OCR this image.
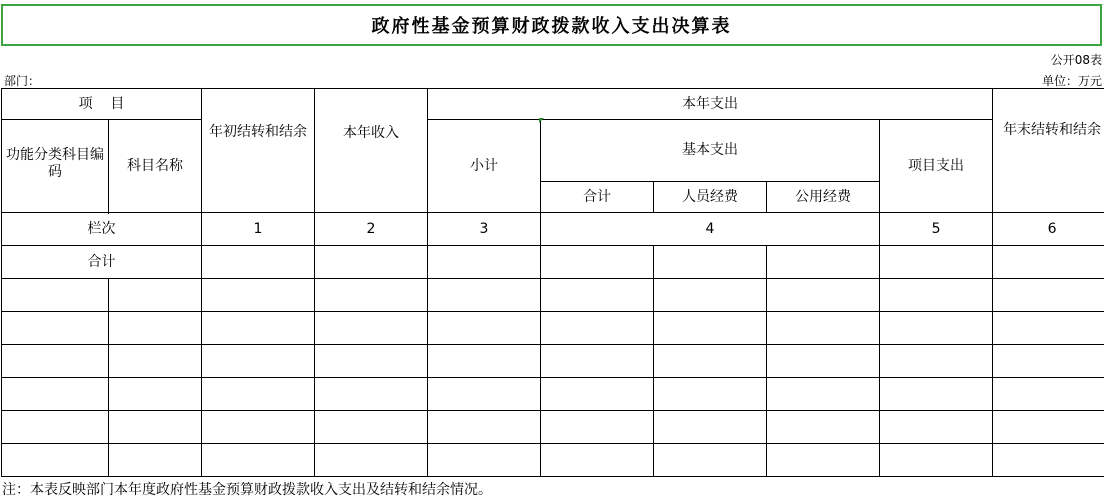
政府性基金预算财政拨款收入支出决算表
公开08表
部门：	单位：万元
项    目		年初结转和结余	本年收入	本年支出					年末结转和结余
功能分类科目编码	科目名称			小计	基本支出			项目支出	
					合计	人员经费	公用经费		

栏次		1	2	3	4			5	6
合计									

注：本表反映部门本年度政府性基金预算财政拨款收入支出及结转和结余情况。
